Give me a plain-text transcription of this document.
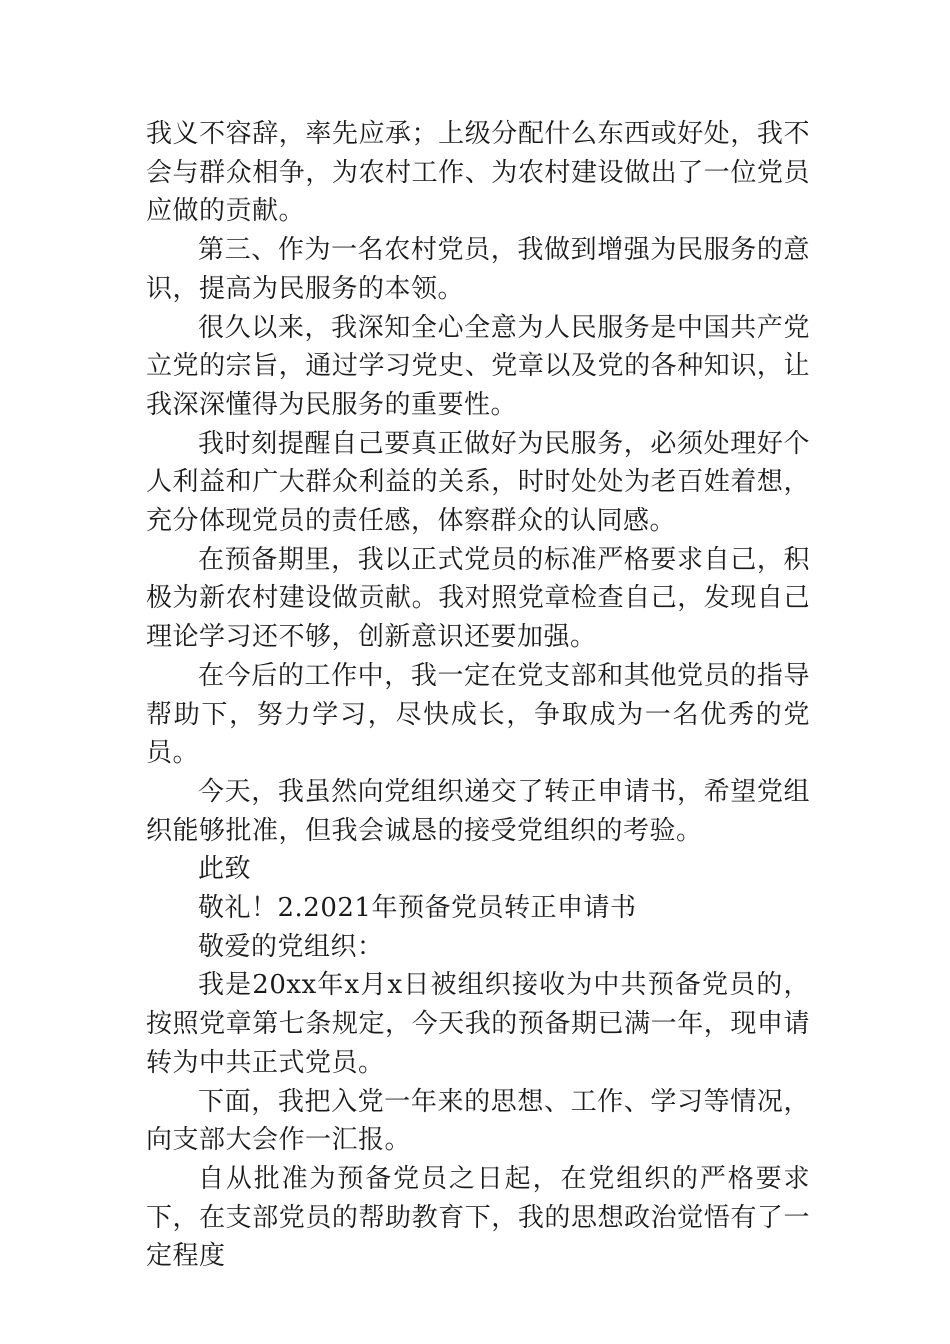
我义不容辞，率先应承；上级分配什么东西或好处，我不会与群众相争，为农村工作、为农村建设做出了一位党员应做的贡献。

第三、作为一名农村党员，我做到增强为民服务的意识，提高为民服务的本领。

很久以来，我深知全心全意为人民服务是中国共产党立党的宗旨，通过学习党史、党章以及党的各种知识，让我深深懂得为民服务的重要性。

我时刻提醒自己要真正做好为民服务，必须处理好个人利益和广大群众利益的关系，时时处处为老百姓着想，充分体现党员的责任感，体察群众的认同感。

在预备期里，我以正式党员的标准严格要求自己，积极为新农村建设做贡献。我对照党章检查自己，发现自己理论学习还不够，创新意识还要加强。

在今后的工作中，我一定在党支部和其他党员的指导帮助下，努力学习，尽快成长，争取成为一名优秀的党员。

今天，我虽然向党组织递交了转正申请书，希望党组织能够批准，但我会诚恳的接受党组织的考验。

此致

敬礼！2.2021年预备党员转正申请书

敬爱的党组织：

我是20xx年x月x日被组织接收为中共预备党员的，按照党章第七条规定，今天我的预备期已满一年，现申请转为中共正式党员。

下面，我把入党一年来的思想、工作、学习等情况，向支部大会作一汇报。

自从批准为预备党员之日起，在党组织的严格要求下，在支部党员的帮助教育下，我的思想政治觉悟有了一定程度
